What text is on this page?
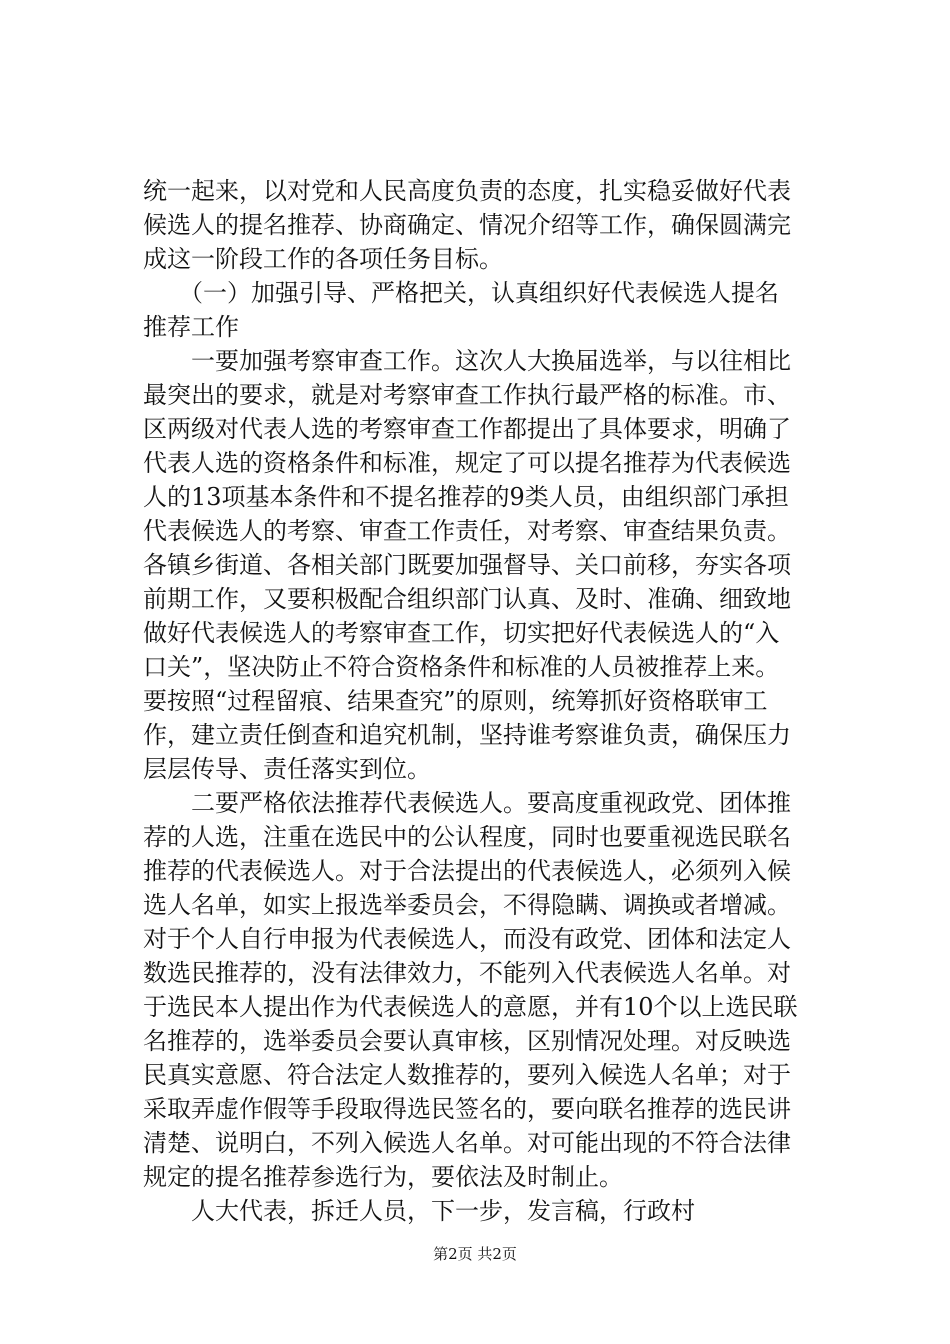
统一起来，以对党和人民高度负责的态度，扎实稳妥做好代表
候选人的提名推荐、协商确定、情况介绍等工作，确保圆满完
成这一阶段工作的各项任务目标。
　　（一）加强引导、严格把关，认真组织好代表候选人提名
推荐工作
　　一要加强考察审查工作。这次人大换届选举，与以往相比
最突出的要求，就是对考察审查工作执行最严格的标准。市、
区两级对代表人选的考察审查工作都提出了具体要求，明确了
代表人选的资格条件和标准，规定了可以提名推荐为代表候选
人的13项基本条件和不提名推荐的9类人员，由组织部门承担
代表候选人的考察、审查工作责任，对考察、审查结果负责。
各镇乡街道、各相关部门既要加强督导、关口前移，夯实各项
前期工作，又要积极配合组织部门认真、及时、准确、细致地
做好代表候选人的考察审查工作，切实把好代表候选人的“入
口关”，坚决防止不符合资格条件和标准的人员被推荐上来。
要按照“过程留痕、结果查究”的原则，统筹抓好资格联审工
作，建立责任倒查和追究机制，坚持谁考察谁负责，确保压力
层层传导、责任落实到位。
　　二要严格依法推荐代表候选人。要高度重视政党、团体推
荐的人选，注重在选民中的公认程度，同时也要重视选民联名
推荐的代表候选人。对于合法提出的代表候选人，必须列入候
选人名单，如实上报选举委员会，不得隐瞒、调换或者增减。
对于个人自行申报为代表候选人，而没有政党、团体和法定人
数选民推荐的，没有法律效力，不能列入代表候选人名单。对
于选民本人提出作为代表候选人的意愿，并有10个以上选民联
名推荐的，选举委员会要认真审核，区别情况处理。对反映选
民真实意愿、符合法定人数推荐的，要列入候选人名单；对于
采取弄虚作假等手段取得选民签名的，要向联名推荐的选民讲
清楚、说明白，不列入候选人名单。对可能出现的不符合法律
规定的提名推荐参选行为，要依法及时制止。
　　人大代表，拆迁人员，下一步，发言稿，行政村
第2页 共2页
